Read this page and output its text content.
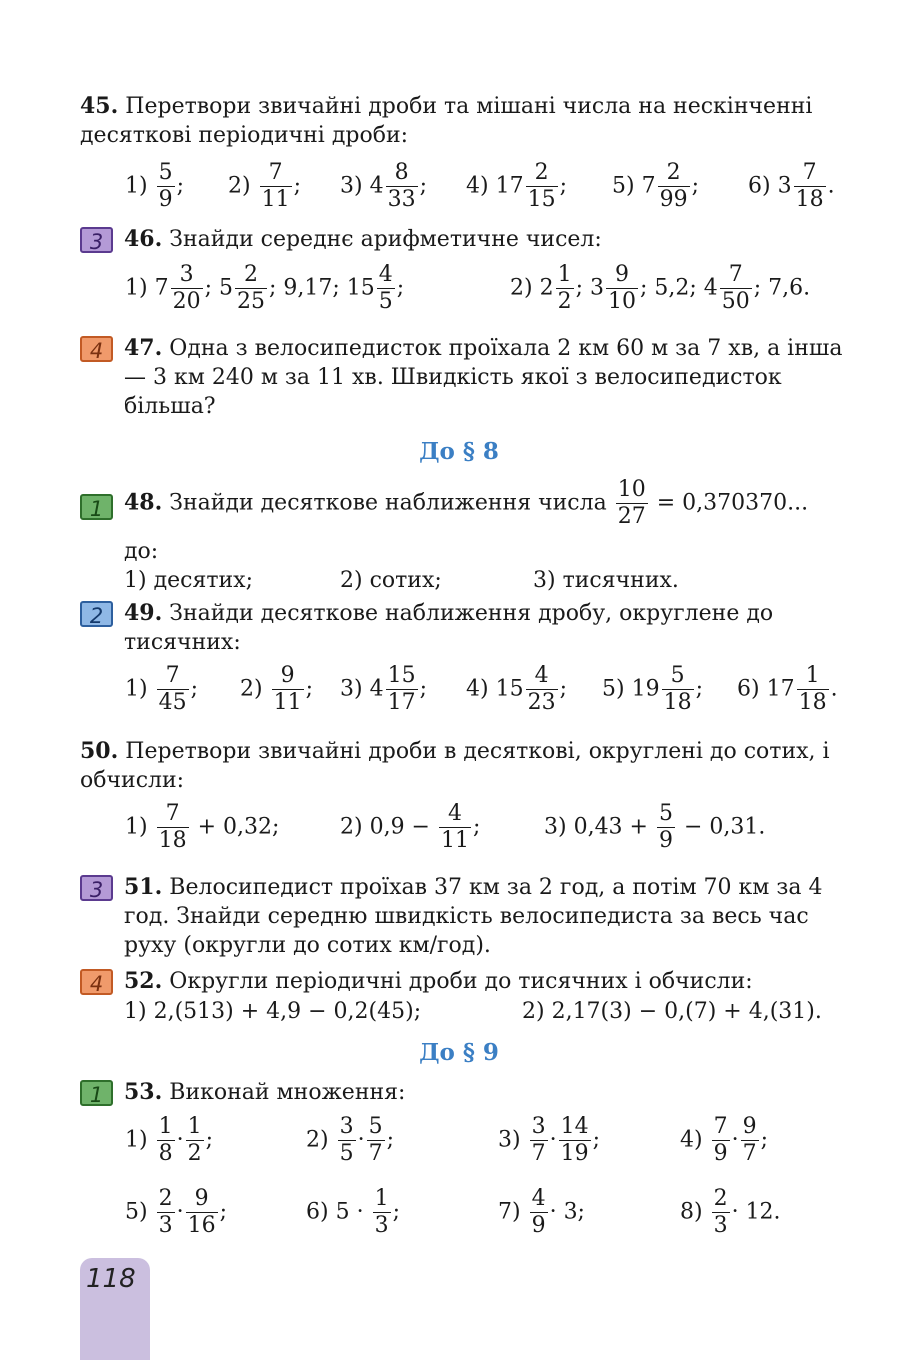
45. Перетвори звичайні дроби та мішані числа на нескінченні десяткові періодичні дроби:
$1) \frac{5}{9}$ ; $2) \frac{7}{11}$ ; 3) $4 \frac{8}{33}$ ; 4) $17 \frac{2}{15}$ ; 5) $7 \frac{2}{99}$ ; 6) $3 \frac{7}{18}$ .
3 46. Знайди середнє арифметичне чисел:
1) $7 \frac{3}{20}$ ; $5 \frac{2}{25}$ ; 9,17; $15 \frac{4}{5}$ ;	2) $2 \frac{1}{2}$ ; $3 \frac{9}{10}$ ; 5,2; $4 \frac{7}{50}$ ; 7,6.
4 47. Одна з велосипедисток проїхала 2 км 60 м за 7 хв, а інша — 3 км 240 м за 11 хв. Швидкість якої з велосипедисток більша?
До § 8
1 48. Знайди десяткове наближення числа $\frac{10}{27} = 0,370370$...
до:
1) десятих;	2) сотих;	3) тисячних.
2 49. Знайди десяткове наближення дробу, округлене до тисячних:
$1) \frac{7}{45}$ ; $2) \frac{9}{11}$ ; 3) $4 \frac{15}{17}$ ; 4) $15 \frac{4}{23}$ ; 5) $19 \frac{5}{18}$ ; 6) $17 \frac{1}{18}$ .
50. Перетвори звичайні дроби в десяткові, округлені до сотих, і обчисли:
$1) \frac{7}{18} + 0,32$;	2) $0,9 - \frac{4}{11}$ ;	3) $0,43 + \frac{5}{9} - 0,31$.
3 51. Велосипедист проїхав 37 км за 2 год, а потім 70 км за 4 год. Знайди середню швидкість велосипедиста за весь час руху (округли до сотих км/год).
4 52. Округли періодичні дроби до тисячних і обчисли:
1) 2,(513) + 4,9 − 0,2(45);	2) 2,17(3) − 0,(7) + 4,(31).
До § 9
1 53. Виконай множення:
$1) \frac{1}{8} \cdot \frac{1}{2}$ ;	$2) \frac{3}{5} \cdot \frac{5}{7}$ ;	$3) \frac{3}{7} \cdot \frac{14}{19}$ ;	$4) \frac{7}{9} \cdot \frac{9}{7}$ ;
$5) \frac{2}{3} \cdot \frac{9}{16}$ ;	6) $5 \cdot \frac{1}{3}$ ;	$7) \frac{4}{9} \cdot 3$;	$8) \frac{2}{3} \cdot 12$.
118
